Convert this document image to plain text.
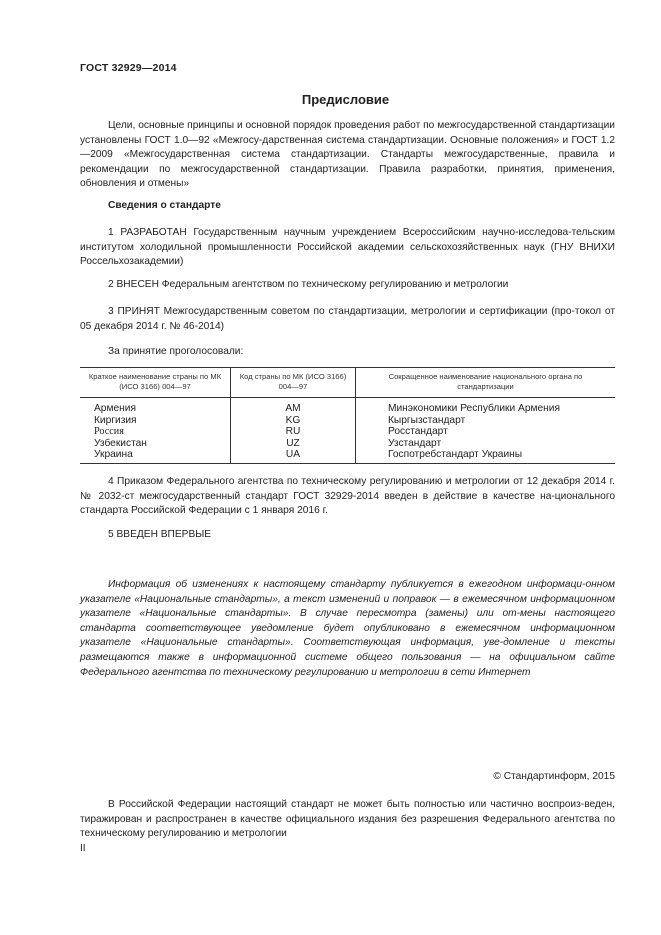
ГОСТ 32929—2014
Предисловие

Цели, основные принципы и основной порядок проведения работ по межгосударственной стандартизации установлены ГОСТ 1.0—92 «Межгосу-дарственная система стандартизации. Основные положения» и ГОСТ 1.2—2009 «Межгосударственная система стандартизации. Стандарты межгосударственные, правила и рекомендации по межгосударственной стандартизации. Правила разработки, принятия, применения, обновления и отмены»

Сведения о стандарте

1 РАЗРАБОТАН Государственным научным учреждением Всероссийским научно-исследова-тельским институтом холодильной промышленности Российской академии сельскохозяйственных наук (ГНУ ВНИХИ Россельхозакадемии)

2 ВНЕСЕН Федеральным агентством по техническому регулированию и метрологии

3 ПРИНЯТ Межгосударственным советом по стандартизации, метрологии и сертификации (про-токол от 05 декабря 2014 г. № 46-2014)

За принятие проголосовали:
Краткое наименование страны по МК (ИСО 3166) 004—97	Код страны по МК (ИСО 3166) 004—97	Сокращенное наименование национального органа по стандартизации
Армения	AM	Минэкономики Республики Армения
Киргизия	KG	Кыргызстандарт
Россия	RU	Росстандарт
Узбекистан	UZ	Узстандарт
Украина	UA	Госпотребстандарт Украины

4 Приказом Федерального агентства по техническому регулированию и метрологии от 12 декабря 2014 г. № 2032-ст межгосударственный стандарт ГОСТ 32929-2014 введен в действие в качестве на-ционального стандарта Российской Федерации с 1 января 2016 г.

5 ВВЕДЕН ВПЕРВЫЕ

Информация об изменениях к настоящему стандарту публикуется в ежегодном информаци-онном указателе «Национальные стандарты», а текст изменений и поправок — в ежемесячном информационном указателе «Национальные стандарты». В случае пересмотра (замены) или от-мены настоящего стандарта соответствующее уведомление будет опубликовано в ежемесячном информационном указателе «Национальные стандарты». Соответствующая информация, уве-домление и тексты размещаются также в информационной системе общего пользования — на официальном сайте Федерального агентства по техническому регулированию и метрологии в сети Интернет

© Стандартинформ, 2015

В Российской Федерации настоящий стандарт не может быть полностью или частично воспроиз-веден, тиражирован и распространен в качестве официального издания без разрешения Федерального агентства по техническому регулированию и метрологии

II
